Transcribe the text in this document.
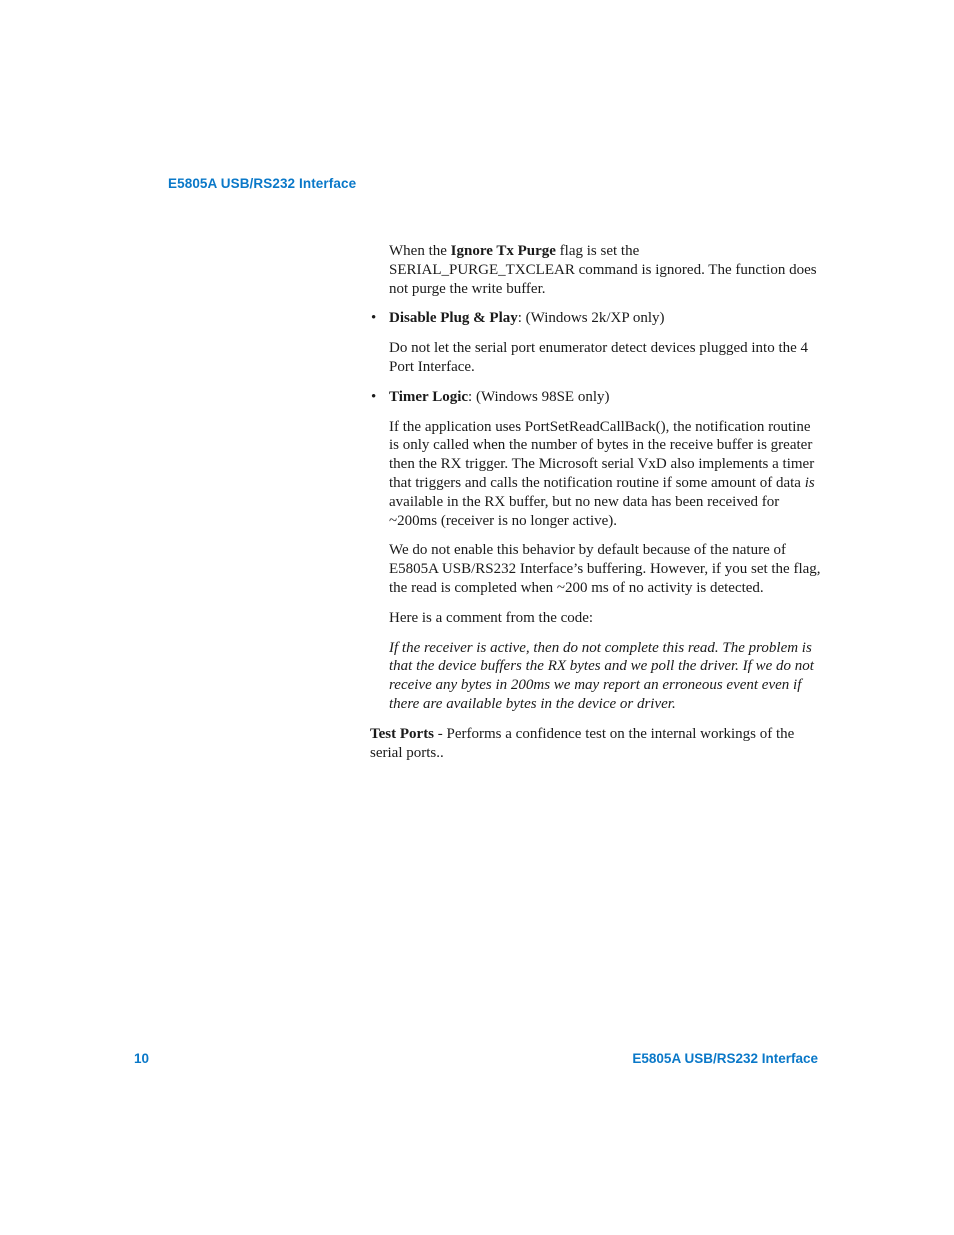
E5805A USB/RS232 Interface

When the Ignore Tx Purge flag is set the SERIAL_PURGE_TXCLEAR command is ignored. The function does not purge the write buffer.

• Disable Plug & Play: (Windows 2k/XP only)

Do not let the serial port enumerator detect devices plugged into the 4 Port Interface.

• Timer Logic: (Windows 98SE only)

If the application uses PortSetReadCallBack(), the notification routine is only called when the number of bytes in the receive buffer is greater then the RX trigger. The Microsoft serial VxD also implements a timer that triggers and calls the notification routine if some amount of data is available in the RX buffer, but no new data has been received for ~200ms (receiver is no longer active).

We do not enable this behavior by default because of the nature of E5805A USB/RS232 Interface’s buffering. However, if you set the flag, the read is completed when ~200 ms of no activity is detected.

Here is a comment from the code:

If the receiver is active, then do not complete this read. The problem is that the device buffers the RX bytes and we poll the driver. If we do not receive any bytes in 200ms we may report an erroneous event even if there are available bytes in the device or driver.

Test Ports - Performs a confidence test on the internal workings of the serial ports..

10	E5805A USB/RS232 Interface
